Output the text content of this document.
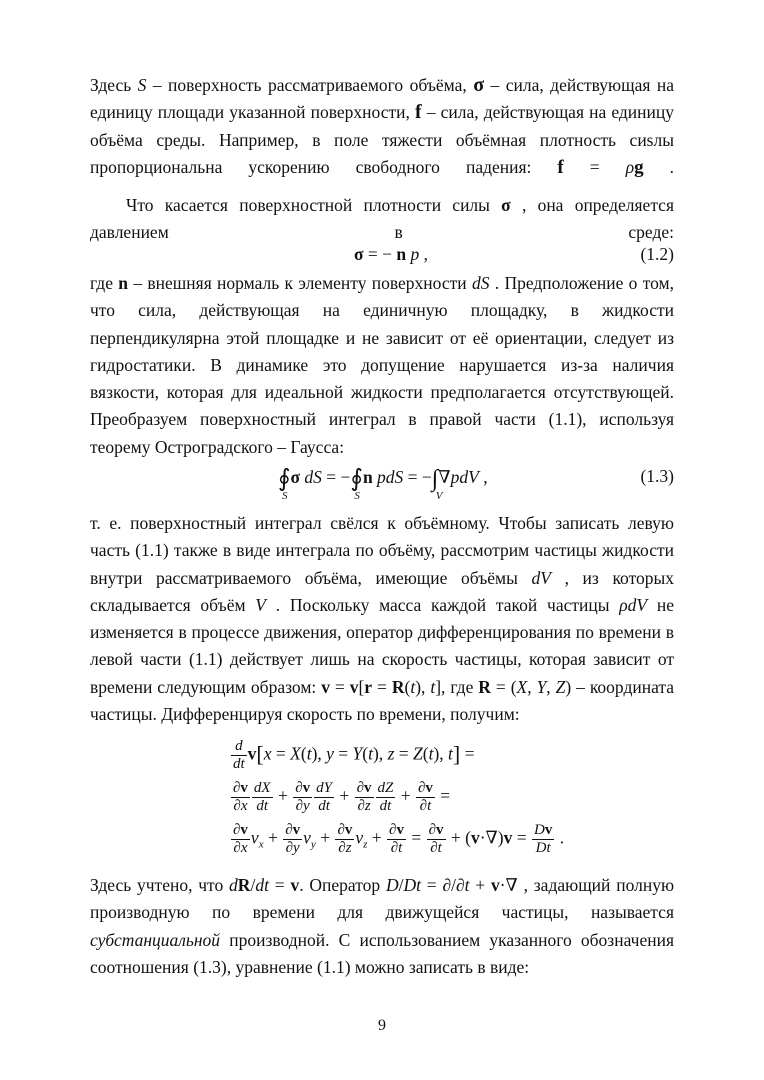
Здесь S – поверхность рассматриваемого объёма, σ – сила, действующая на единицу площади указанной поверхности, f – сила, действующая на единицу объёма среды. Например, в поле тяжести объёмная плотность сиsлы пропорциональна ускорению свободного падения: f = ρg .

Что касается поверхностной плотности силы σ , она определяется давлением в среде:

σ = − n p ,	(1.2)

где n – внешняя нормаль к элементу поверхности dS . Предположение о том, что сила, действующая на единичную площадку, в жидкости перпендикулярна этой площадке и не зависит от её ориентации, следует из гидростатики. В динамике это допущение нарушается из-за наличия вязкости, которая для идеальной жидкости предполагается отсутствующей. Преобразуем поверхностный интеграл в правой части (1.1), используя теорему Остроградского – Гаусса:

∮
S
σ dS = −∮
S
n pdS = −∫
V
∇pdV ,	(1.3)

т. е. поверхностный интеграл свёлся к объёмному. Чтобы записать левую часть (1.1) также в виде интеграла по объёму, рассмотрим частицы жидкости внутри рассматриваемого объёма, имеющие объёмы dV , из которых складывается объём V . Поскольку масса каждой такой частицы ρdV не изменяется в процессе движения, оператор дифференцирования по времени в левой части (1.1) действует лишь на скорость частицы, которая зависит от времени следующим образом: v = v[r = R(t), t], где R = (X, Y, Z) – координата частицы. Дифференцируя скорость по времени, получим:

$\frac{d}{dt} v[x = X(t)$, y = Y(t), z = Z(t), t] =
$\frac{\partial v}{\partial x} \frac{dX}{dt} + \frac{\partial v}{\partial y} \frac{dY}{dt} + \frac{\partial v}{\partial z} \frac{dZ}{dt} + \frac{\partial v}{\partial t}$ =
$\frac{\partial v}{\partial x} v_x + \frac{\partial v}{\partial y} v_y + \frac{\partial v}{\partial z} v_z + \frac{\partial v}{\partial t} = \frac{\partial v}{\partial t} + (v\cdot\nabla)v = \frac{Dv}{Dt}$ .

Здесь учтено, что dR/dt = v. Оператор D/Dt = ∂/∂t + v·∇ , задающий полную производную по времени для движущейся частицы, называется субстанциальной производной. С использованием указанного обозначения соотношения (1.3), уравнение (1.1) можно записать в виде:

9
